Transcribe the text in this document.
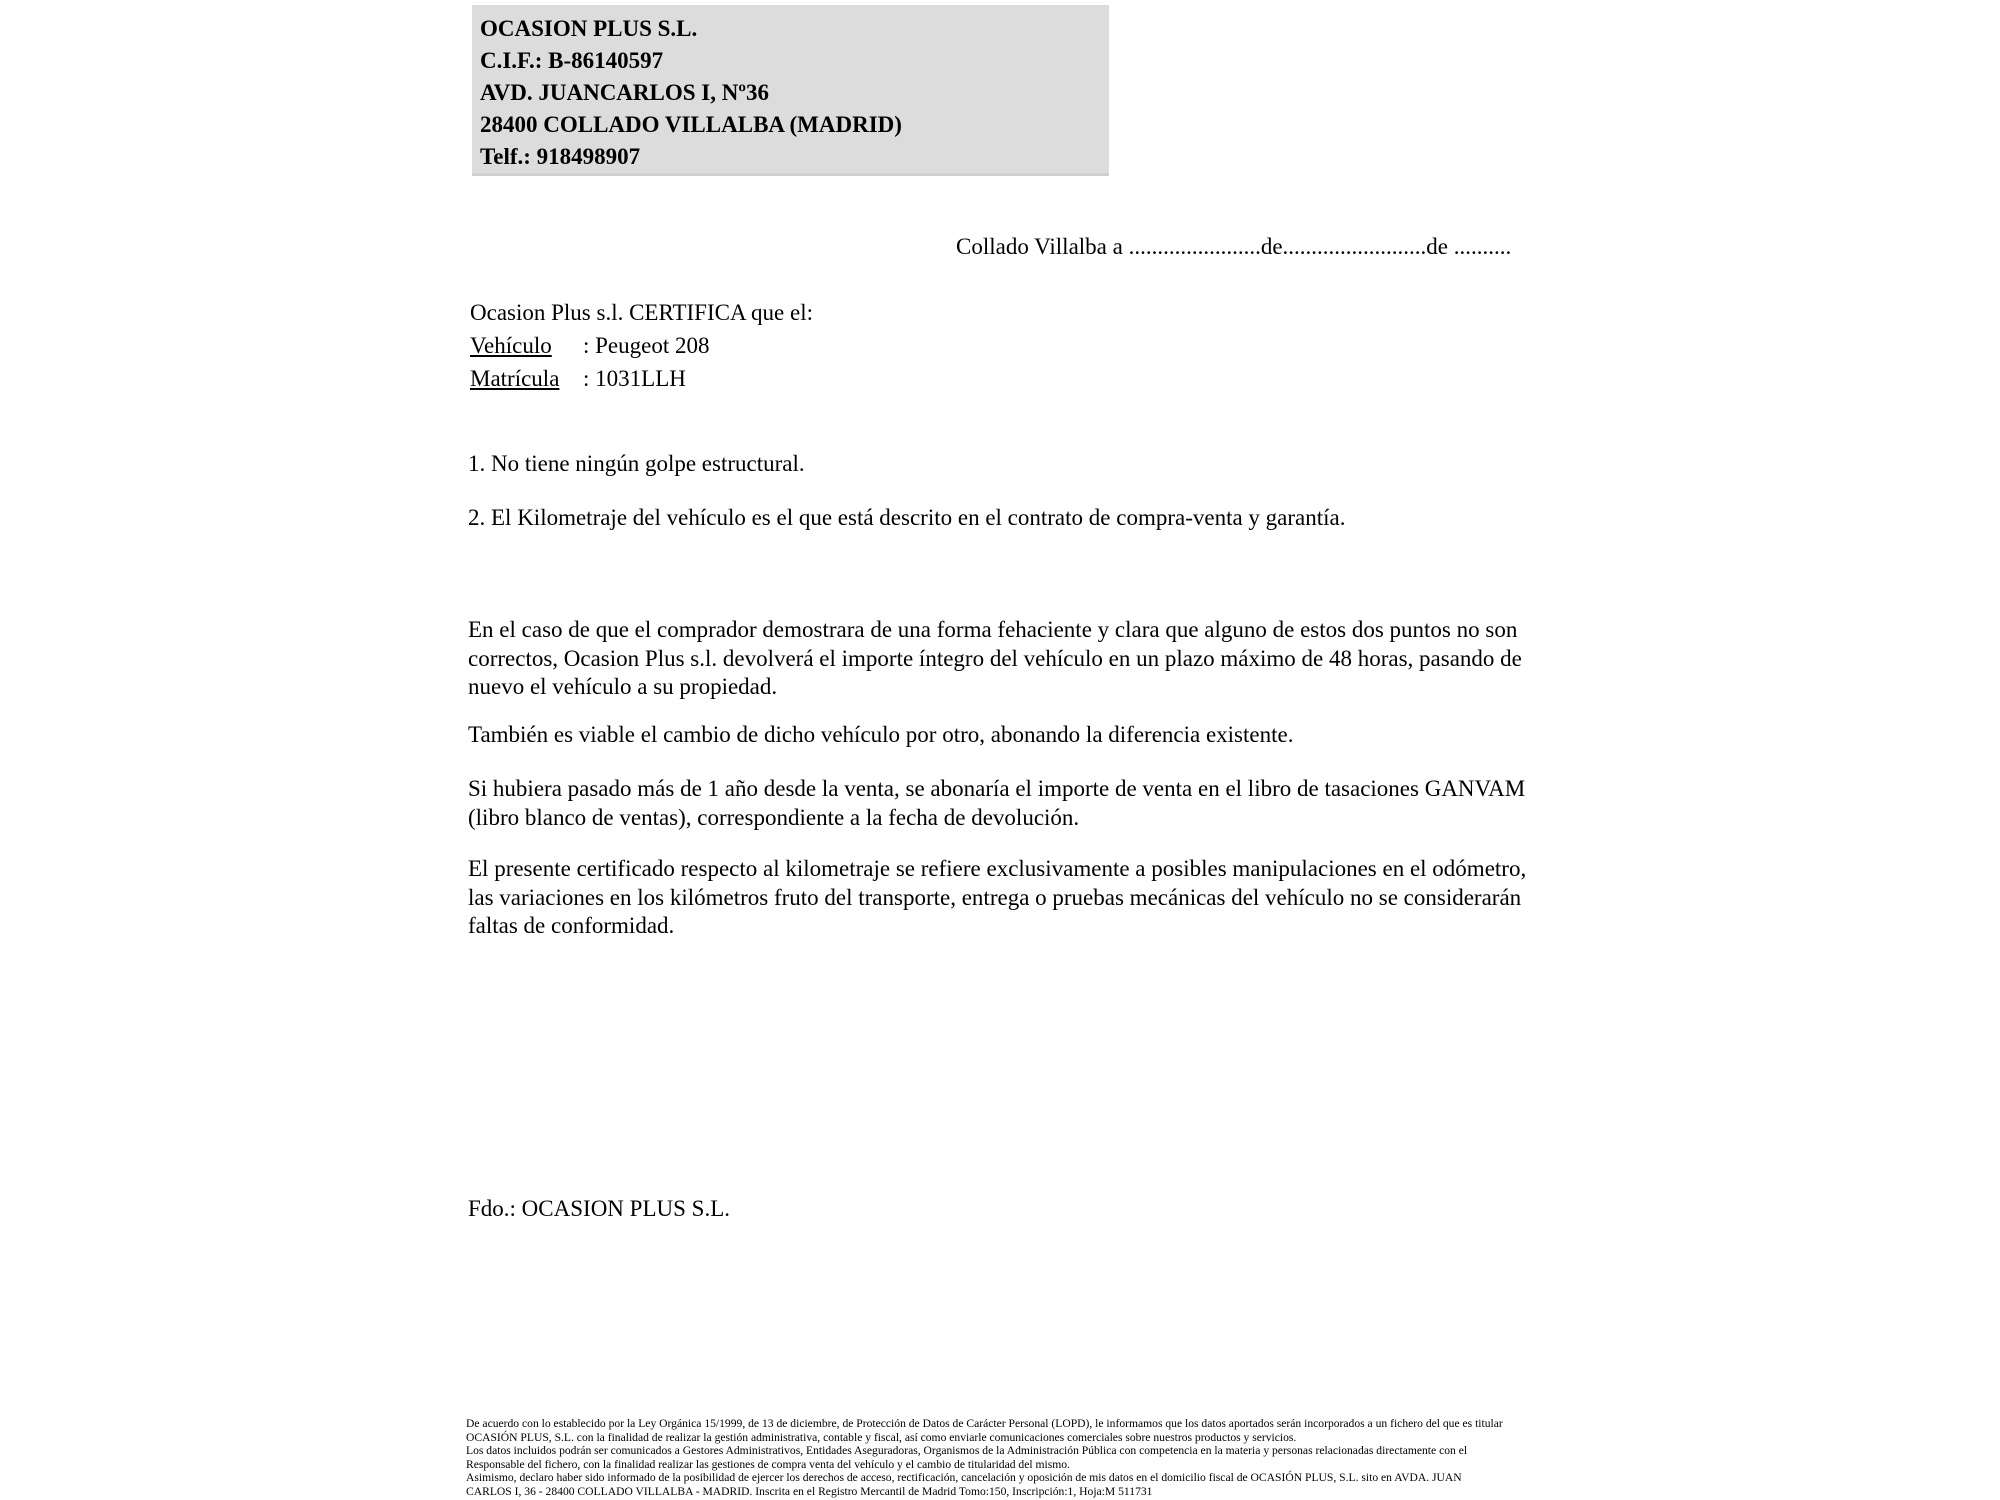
OCASION PLUS S.L.
C.I.F.: B-86140597
AVD. JUANCARLOS I, Nº36
28400 COLLADO VILLALBA (MADRID)
Telf.: 918498907
Collado Villalba a .......................de.........................de ..........
Ocasion Plus s.l. CERTIFICA que el:
Vehículo : Peugeot 208
Matrícula : 1031LLH
1. No tiene ningún golpe estructural.
2. El Kilometraje del vehículo es el que está descrito en el contrato de compra-venta y garantía.
En el caso de que el comprador demostrara de una forma fehaciente y clara que alguno de estos dos puntos no son correctos, Ocasion Plus s.l. devolverá el importe íntegro del vehículo en un plazo máximo de 48 horas, pasando de nuevo el vehículo a su propiedad.
También es viable el cambio de dicho vehículo por otro, abonando la diferencia existente.
Si hubiera pasado más de 1 año desde la venta, se abonaría el importe de venta en el libro de tasaciones GANVAM (libro blanco de ventas), correspondiente a la fecha de devolución.
El presente certificado respecto al kilometraje se refiere exclusivamente a posibles manipulaciones en el odómetro, las variaciones en los kilómetros fruto del transporte, entrega o pruebas mecánicas del vehículo no se considerarán faltas de conformidad.
Fdo.: OCASION PLUS S.L.
De acuerdo con lo establecido por la Ley Orgánica 15/1999, de 13 de diciembre, de Protección de Datos de Carácter Personal (LOPD), le informamos que los datos aportados serán incorporados a un fichero del que es titular
OCASIÓN PLUS, S.L. con la finalidad de realizar la gestión administrativa, contable y fiscal, así como enviarle comunicaciones comerciales sobre nuestros productos y servicios.
Los datos incluidos podrán ser comunicados a Gestores Administrativos, Entidades Aseguradoras, Organismos de la Administración Pública con competencia en la materia y personas relacionadas directamente con el
Responsable del fichero, con la finalidad realizar las gestiones de compra venta del vehículo y el cambio de titularidad del mismo.
Asimismo, declaro haber sido informado de la posibilidad de ejercer los derechos de acceso, rectificación, cancelación y oposición de mis datos en el domicilio fiscal de OCASIÓN PLUS, S.L. sito en AVDA. JUAN
CARLOS I, 36 - 28400 COLLADO VILLALBA - MADRID. Inscrita en el Registro Mercantil de Madrid Tomo:150, Inscripción:1, Hoja:M 511731
